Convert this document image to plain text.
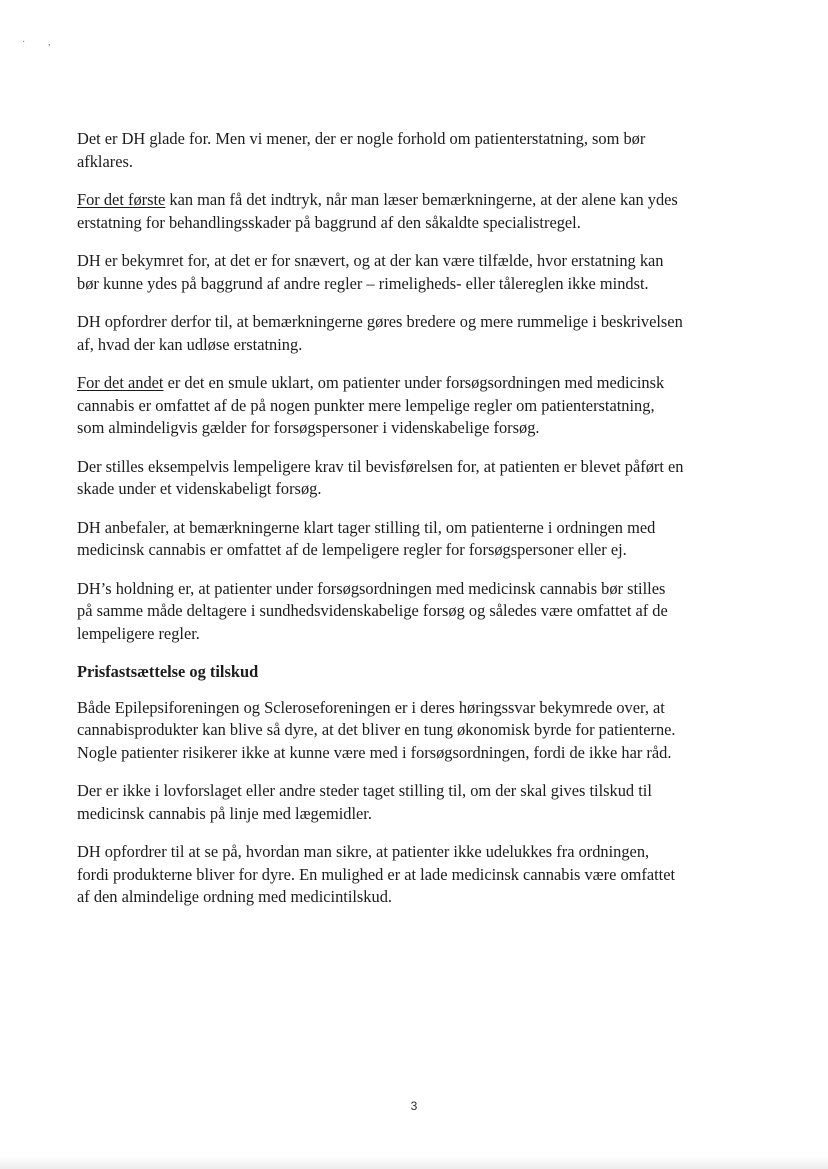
· ,

Det er DH glade for. Men vi mener, der er nogle forhold om patienterstatning, som bør
afklares.

For det første kan man få det indtryk, når man læser bemærkningerne, at der alene kan ydes
erstatning for behandlingsskader på baggrund af den såkaldte specialistregel.

DH er bekymret for, at det er for snævert, og at der kan være tilfælde, hvor erstatning kan
bør kunne ydes på baggrund af andre regler – rimeligheds- eller tålereglen ikke mindst.

DH opfordrer derfor til, at bemærkningerne gøres bredere og mere rummelige i beskrivelsen
af, hvad der kan udløse erstatning.

For det andet er det en smule uklart, om patienter under forsøgsordningen med medicinsk
cannabis er omfattet af de på nogen punkter mere lempelige regler om patienterstatning,
som almindeligvis gælder for forsøgspersoner i videnskabelige forsøg.

Der stilles eksempelvis lempeligere krav til bevisførelsen for, at patienten er blevet påført en
skade under et videnskabeligt forsøg.

DH anbefaler, at bemærkningerne klart tager stilling til, om patienterne i ordningen med
medicinsk cannabis er omfattet af de lempeligere regler for forsøgspersoner eller ej.

DH’s holdning er, at patienter under forsøgsordningen med medicinsk cannabis bør stilles
på samme måde deltagere i sundhedsvidenskabelige forsøg og således være omfattet af de
lempeligere regler.

Prisfastsættelse og tilskud

Både Epilepsiforeningen og Scleroseforeningen er i deres høringssvar bekymrede over, at
cannabisprodukter kan blive så dyre, at det bliver en tung økonomisk byrde for patienterne.
Nogle patienter risikerer ikke at kunne være med i forsøgsordningen, fordi de ikke har råd.

Der er ikke i lovforslaget eller andre steder taget stilling til, om der skal gives tilskud til
medicinsk cannabis på linje med lægemidler.

DH opfordrer til at se på, hvordan man sikre, at patienter ikke udelukkes fra ordningen,
fordi produkterne bliver for dyre. En mulighed er at lade medicinsk cannabis være omfattet
af den almindelige ordning med medicintilskud.

3
